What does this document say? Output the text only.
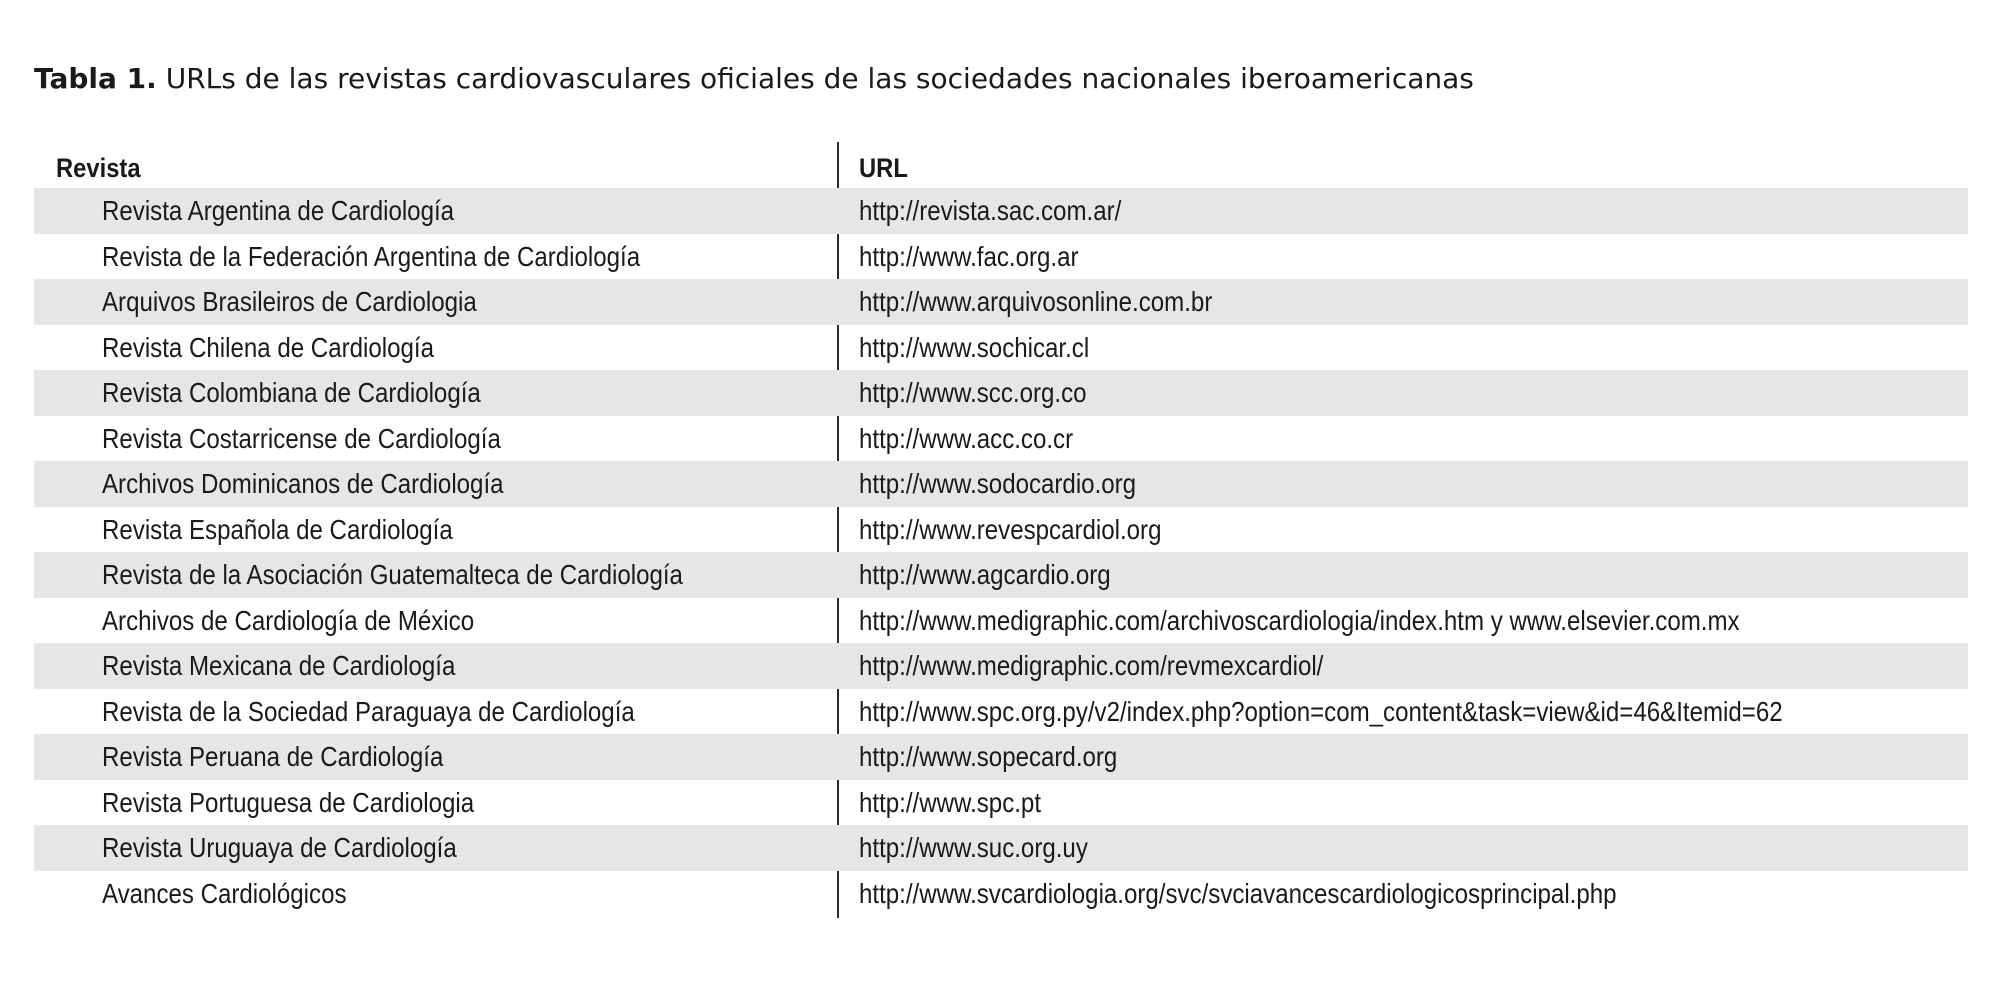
Tabla 1. URLs de las revistas cardiovasculares oficiales de las sociedades nacionales iberoamericanas
Revista	URL
Revista Argentina de Cardiología	http://revista.sac.com.ar/
Revista de la Federación Argentina de Cardiología	http://www.fac.org.ar
Arquivos Brasileiros de Cardiologia	http://www.arquivosonline.com.br
Revista Chilena de Cardiología	http://www.sochicar.cl
Revista Colombiana de Cardiología	http://www.scc.org.co
Revista Costarricense de Cardiología	http://www.acc.co.cr
Archivos Dominicanos de Cardiología	http://www.sodocardio.org
Revista Española de Cardiología	http://www.revespcardiol.org
Revista de la Asociación Guatemalteca de Cardiología	http://www.agcardio.org
Archivos de Cardiología de México	http://www.medigraphic.com/archivoscardiologia/index.htm y www.elsevier.com.mx
Revista Mexicana de Cardiología	http://www.medigraphic.com/revmexcardiol/
Revista de la Sociedad Paraguaya de Cardiología	http://www.spc.org.py/v2/index.php?option=com_content&task=view&id=46&Itemid=62
Revista Peruana de Cardiología	http://www.sopecard.org
Revista Portuguesa de Cardiologia	http://www.spc.pt
Revista Uruguaya de Cardiología	http://www.suc.org.uy
Avances Cardiológicos	http://www.svcardiologia.org/svc/svciavancescardiologicosprincipal.php
